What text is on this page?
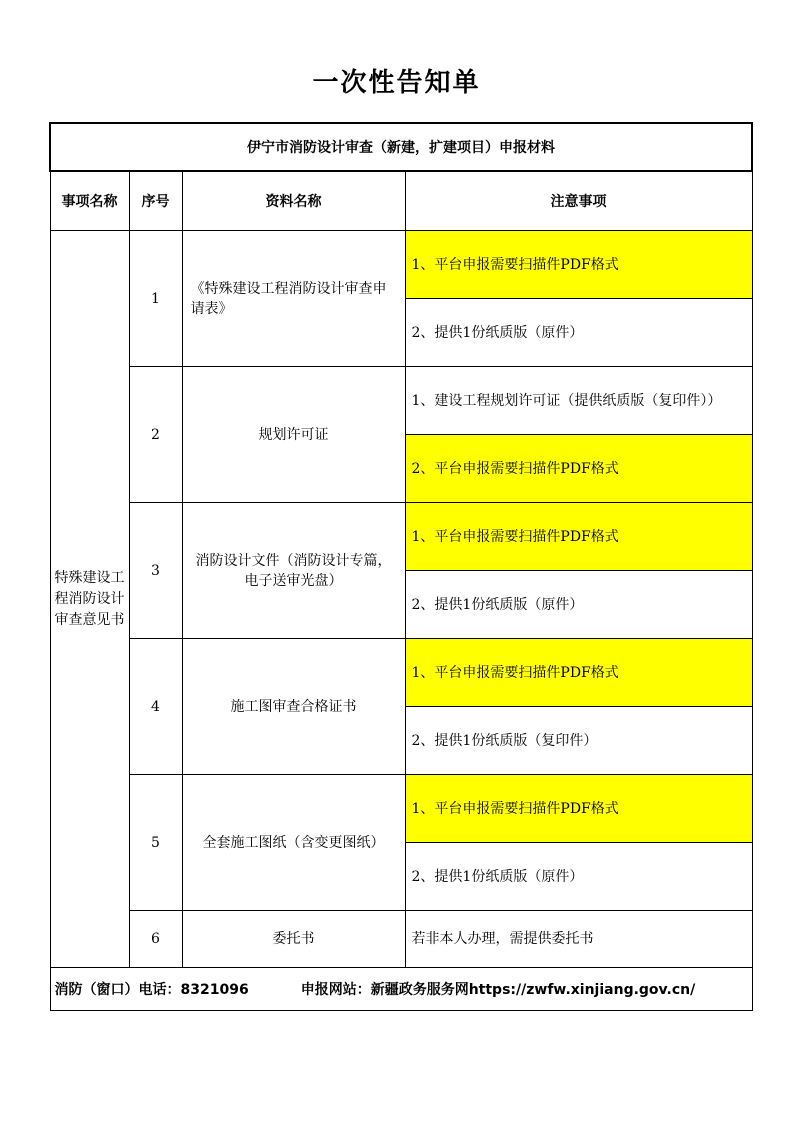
一次性告知单
伊宁市消防设计审查（新建，扩建项目）申报材料			
事项名称	序号	资料名称	注意事项
特殊建设工程消防设计审查意见书	1	《特殊建设工程消防设计审查申请表》	1、平台申报需要扫描件PDF格式
			2、提供1份纸质版（原件）
	2	规划许可证	1、建设工程规划许可证（提供纸质版（复印件））
			2、平台申报需要扫描件PDF格式
	3	消防设计文件（消防设计专篇，电子送审光盘）	1、平台申报需要扫描件PDF格式
			2、提供1份纸质版（原件）
	4	施工图审查合格证书	1、平台申报需要扫描件PDF格式
			2、提供1份纸质版（复印件）
	5	全套施工图纸（含变更图纸）	1、平台申报需要扫描件PDF格式
			2、提供1份纸质版（原件）
	6	委托书	若非本人办理，需提供委托书
消防（窗口）电话：8321096 申报网站：新疆政务服务网https://zwfw.xinjiang.gov.cn/			
